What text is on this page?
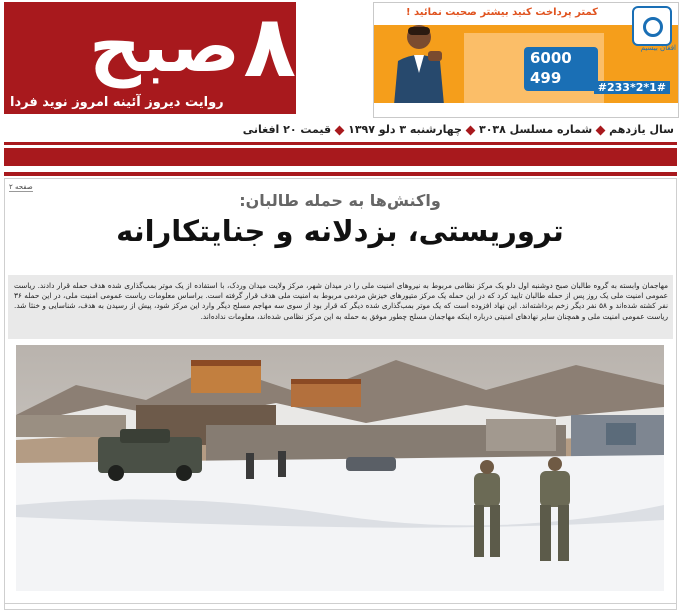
۸
صبح
روایت دیروز آئینه امروز نوید فردا
کمتر پرداخت کنید بیشتر صحبت نمائید !
افغان بیسیم
6000
499
#233*2*1#
سال یازدهمشماره مسلسل ۳۰۳۸چهارشنبه ۳ دلو ۱۳۹۷قیمت ۲۰ افغانی
صفحه ۲
واکنش‌ها به حمله طالبان:
تروریستی، بزدلانه و جنایتکارانه
مهاجمان وابسته به گروه طالبان صبح دوشنبه اول دلو یک مرکز نظامی مربوط به نیروهای امنیت ملی را در میدان شهر، مرکز ولایت میدان وردک، با استفاده از یک موتر بمب‌گذاری شده هدف حمله قرار دادند. ریاست عمومی امنیت ملی یک روز پس از حمله طالبان تایید کرد که در این حمله یک مرکز متیورهای خیزش مردمی مربوط به امنیت ملی هدف قرار گرفته است. براساس معلومات ریاست عمومی امنیت ملی، در این حمله ۳۶ نفر کشته شده‌اند و ۵۸ نفر دیگر زخم برداشته‌اند. این نهاد افزوده است که یک موتر بمب‌گذاری شده دیگر که قرار بود از سوی سه مهاجم مسلح دیگر وارد این مرکز شود، پیش از رسیدن به هدف، شناسایی و خنثا شد. ریاست عمومی امنیت ملی و همچنان سایر نهادهای امنیتی درباره اینکه مهاجمان مسلح چطور موفق به حمله به این مرکز نظامی شده‌اند، معلومات نداده‌اند.
